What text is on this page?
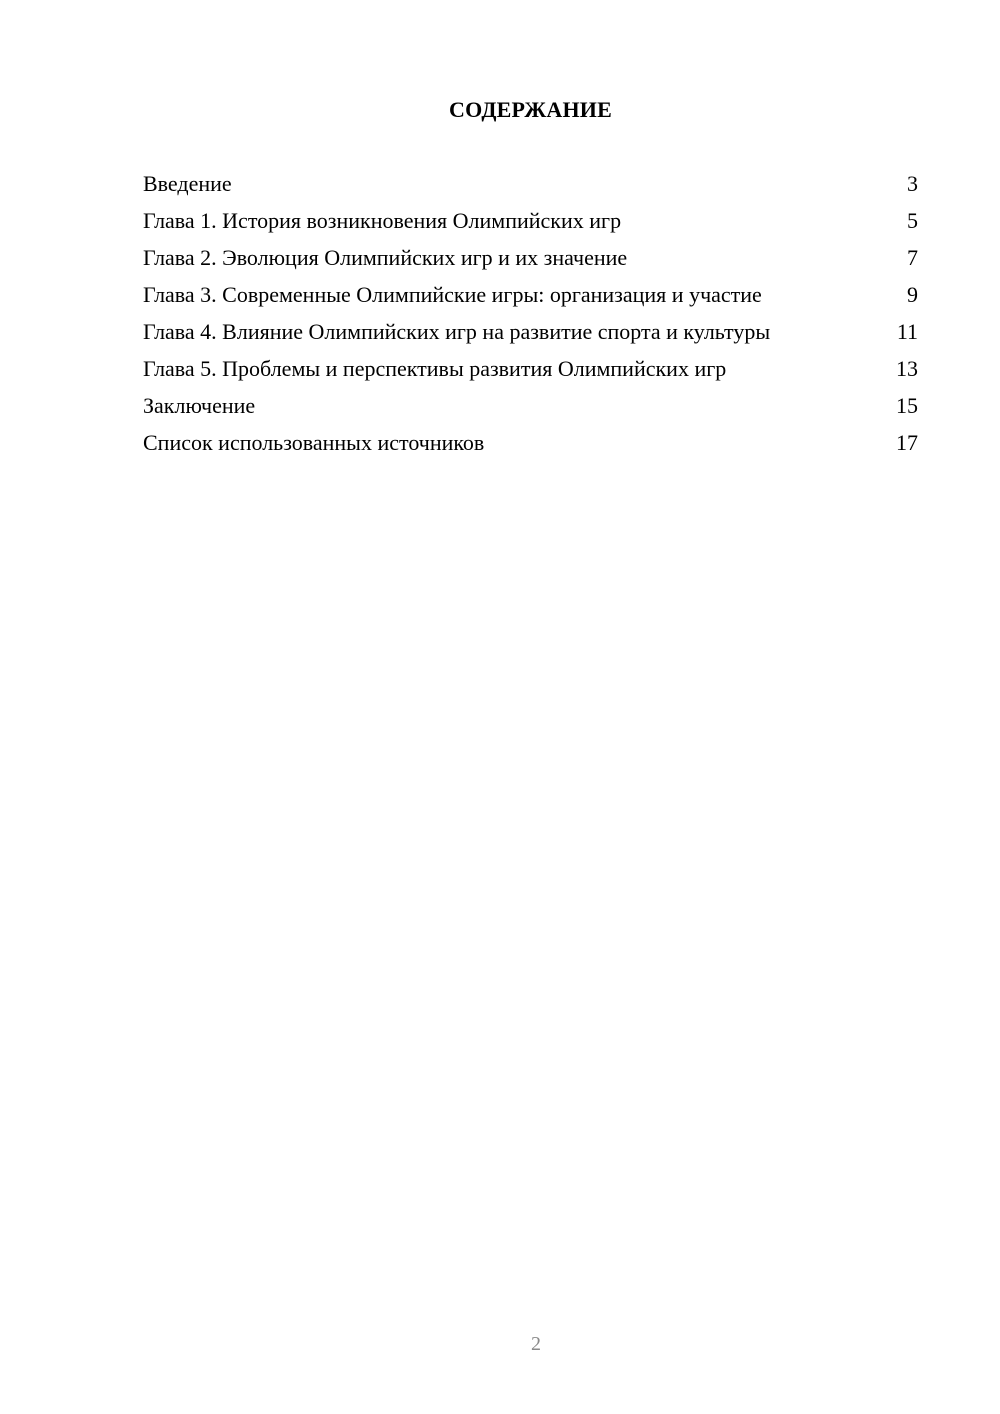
СОДЕРЖАНИЕ
Введение	3
Глава 1. История возникновения Олимпийских игр	5
Глава 2. Эволюция Олимпийских игр и их значение	7
Глава 3. Современные Олимпийские игры: организация и участие	9
Глава 4. Влияние Олимпийских игр на развитие спорта и культуры	11
Глава 5. Проблемы и перспективы развития Олимпийских игр	13
Заключение	15
Список использованных источников	17
2
